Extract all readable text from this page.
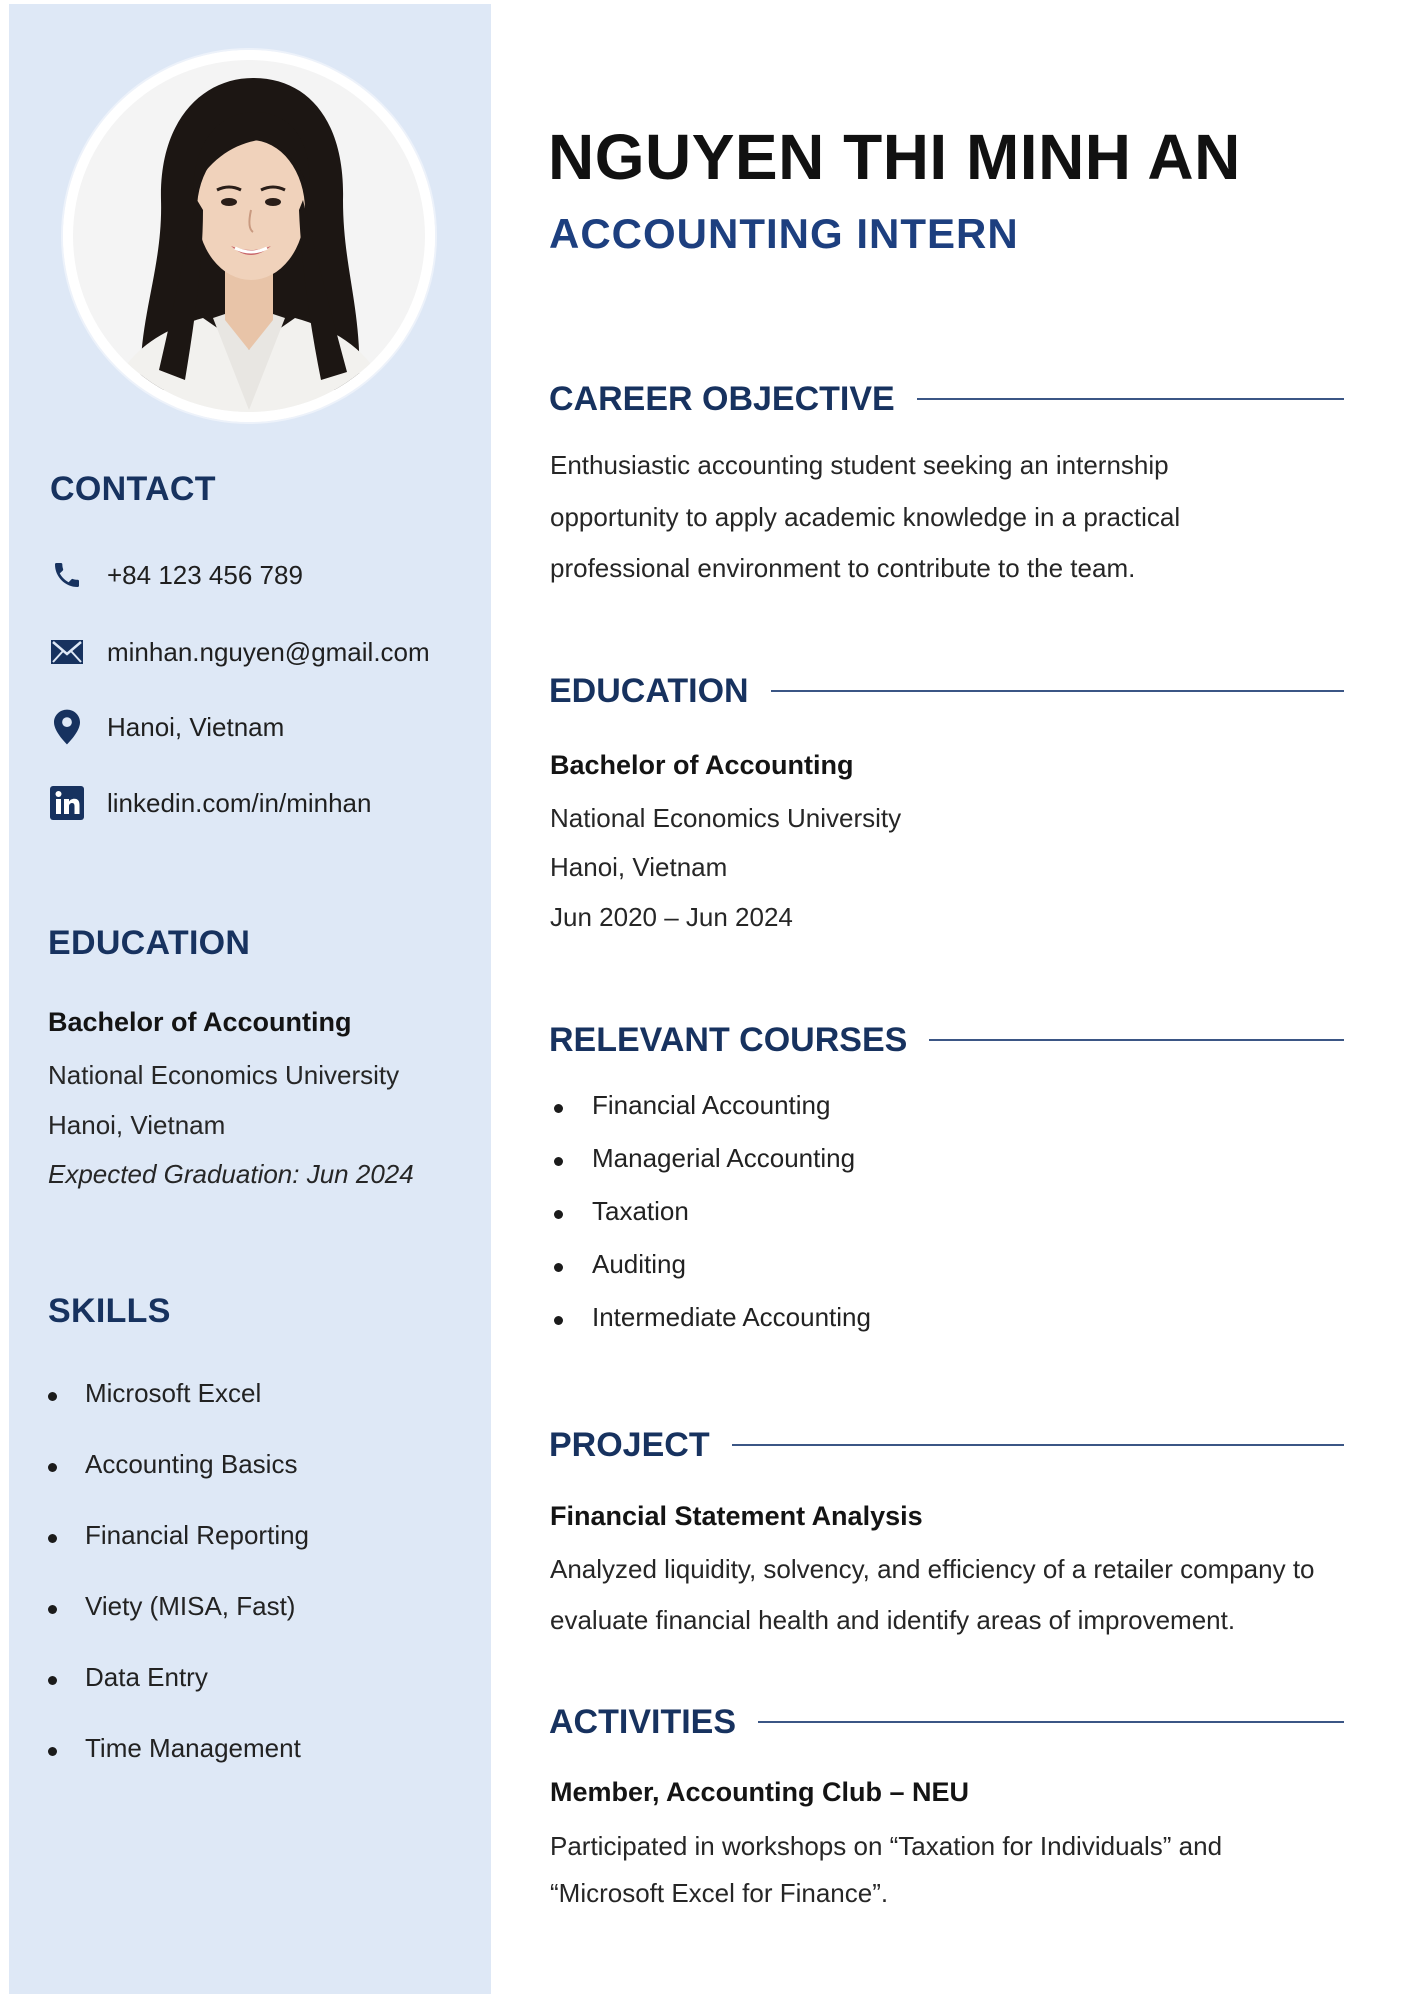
CONTACT
+84 123 456 789
minhan.nguyen@gmail.com
Hanoi, Vietnam
linkedin.com/in/minhan
EDUCATION
Bachelor of Accounting
National Economics University
Hanoi, Vietnam
Expected Graduation: Jun 2024
SKILLS
Microsoft Excel
Accounting Basics
Financial Reporting
Viety (MISA, Fast)
Data Entry
Time Management
NGUYEN THI MINH AN
ACCOUNTING INTERN
CAREER OBJECTIVE
Enthusiastic accounting student seeking an internship
opportunity to apply academic knowledge in a practical
professional environment to contribute to the team.
EDUCATION
Bachelor of Accounting
National Economics University
Hanoi, Vietnam
Jun 2020 – Jun 2024
RELEVANT COURSES
Financial Accounting
Managerial Accounting
Taxation
Auditing
Intermediate Accounting
PROJECT
Financial Statement Analysis
Analyzed liquidity, solvency, and efficiency of a retailer company to
evaluate financial health and identify areas of improvement.
ACTIVITIES
Member, Accounting Club – NEU
Participated in workshops on “Taxation for Individuals” and
“Microsoft Excel for Finance”.
